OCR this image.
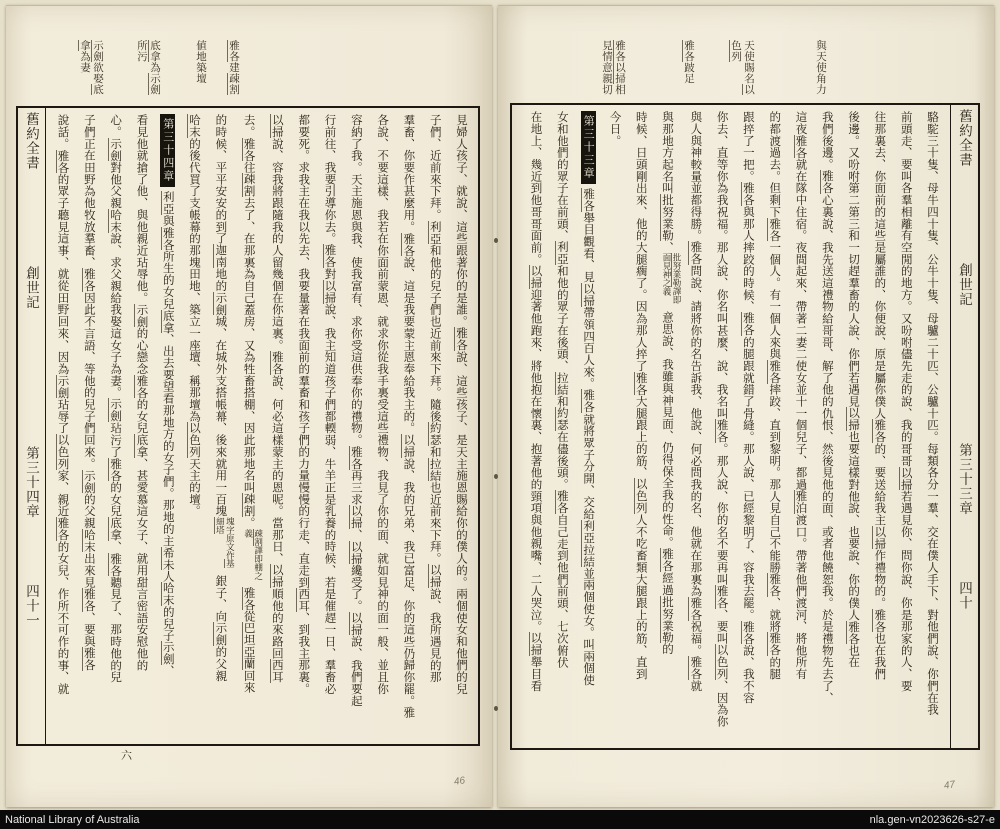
舊約全書創世記第三十四章四十一
見婦人孩子、就說、這些跟著你的是誰。雅各說、這些孩子、是天主施恩賜給你的僕人的。兩個使女和他們的兒
子們、近前來下拜。利亞和他的兒子們也近前來下拜。隨後約瑟和拉結也近前來下拜。以掃說、我所遇見的那
羣畜、你要作甚麼用。雅各說、這是我要蒙主恩奉給我主的。以掃說、我的兄弟、我已富足、你的這些仍歸你罷。雅
各說、不要這樣、我若在你面前蒙恩、就求你從我手裏受這些禮物、我見了你的面、就如見神的面一般、並且你
容納了我。天主施恩與我、使我富有、求你受這供奉你的禮物。雅各再三求以掃、以掃纔受了。以掃說、我們要起
行前往、我要引導你去。雅各對以掃說、我主知道孩子們都輭弱、牛羊正是乳養的時候、若是催趕一日、羣畜必
都要死。求我主在我以先去、我要量著在我面前的羣畜和孩子們的力量慢慢的行走、直走到西耳、到我主那裏。
以掃說、容我將跟隨我的人留幾個在你這裏。雅各說、何必這樣蒙主的恩呢。當那日、以掃順他的來路回西耳
去。雅各往疎割去了、在那裏為自己蓋房、又為牲畜搭棚、因此那地名叫疎割。疎割譯即棚之義雅各從巴坦亞蘭回來
的時候、平平安安的到了迦南地的示劍城、在城外支搭帳幕、後來就用一百塊塊字原文作基細塔銀子、向示劍的父親
哈末的後代買了支帳幕的那塊田地、築立一座壇、稱那壇為以色列天主的壇。
第三十四章利亞與雅各所生的女兒底拿、出去要望看那地方的女子們。那地的主希未人哈末的兒子示劍、
看見他就搶了他、與他親近玷辱他。示劍的心戀念雅各的女兒底拿、甚愛慕這女子、就用甜言密語安慰他的
心。示劍對他父親哈末說、求父親給我娶這女子為妻。示劍玷污了雅各的女兒底拿、雅各聽見了、那時他的兒
子們正在田野為他牧放羣畜、雅各因此不言語、等他的兒子們回來。示劍的父親哈末出來見雅各、要與雅各
說話。雅各的眾子聽見這事、就從田野回來、因為示劍玷辱了以色列家、親近雅各的女兒、作所不可作的事、就
六
46
雅各建疎割
値地築壇
底拿為示劍所污
示劍欲娶底拿為妻
舊約全書創世記第三十三章四十
駱駝三十隻、母牛四十隻、公牛十隻、母驢二十匹、公驢十匹。每類各分一羣、交在僕人手下、對他們說、你們在我
前頭走、要叫各羣相離有空閒的地方。又吩咐儘先走的說、我的哥哥以掃若遇見你、問你說、你是那家的人、要
往那裏去、你面前的這些是屬誰的、你便說、原是屬你僕人雅各的、要送給我主以掃作禮物的。雅各也在我們
後邊。又吩咐第二第三和一切趕羣畜的人說、你們若遇見以掃也要這樣對他說、也要說、你的僕人雅各也在
我們後邊。雅各心裏說、我先送這禮物給哥哥、解了他的仇恨、然後見他的面、或者他饒恕我。於是禮物先去了、
這夜雅各就在隊中住宿。夜間起來、帶著二妻二使女並十一個兒子、都過雅泊渡口。帶著他們渡河、將他所有
的都渡過去。但剩下雅各一個人。有一個人來與雅各摔跤、直到黎明。那人見自己不能勝雅各、就將雅各的腿
跟捽了一把。雅各與那人摔跤的時候、雅各的腿跟就錯了骨縫。那人說、已經黎明了、容我去罷。雅各說、我不容
你去、直等你為我祝福。那人說、你名叫甚麼、說、我名叫雅各。那人說、你的名不要再叫雅各、要叫以色列、因為你
與人與神較量並都得勝。雅各問說、請將你的名告訴我、他說、何必問我的名、他就在那裏為雅各祝福。雅各就
與那地方起名叫批努業勒、批努業勒譯即面見神之義意思說、我雖與神見面、仍得保全我的性命。雅各經過批努業勒的
時候、日頭剛出來、他的大腿瘸了。因為那人捽了雅各大腿跟上的筋、以色列人不吃畜類大腿跟上的筋、直到
今日。
第三十三章雅各舉目觀看、見以掃帶領四百人來。雅各就將眾子分開、交給利亞拉結並兩個使女。叫兩個使
女和他們的眾子在前頭、利亞和他的眾子在後頭、拉結和約瑟在儘後頭。雅各自己走到他們前頭、七次俯伏
在地上、幾近到他哥哥面前。以掃迎著他跑來、將他抱在懷裏、抱著他的頸項與他親嘴、二人哭泣。以掃舉目看
47
與天使角力
天使賜名以色列
雅各跛足
雅各以掃相見情意親切
National Library of Australia	nla.gen-vn2023626-s27-e
